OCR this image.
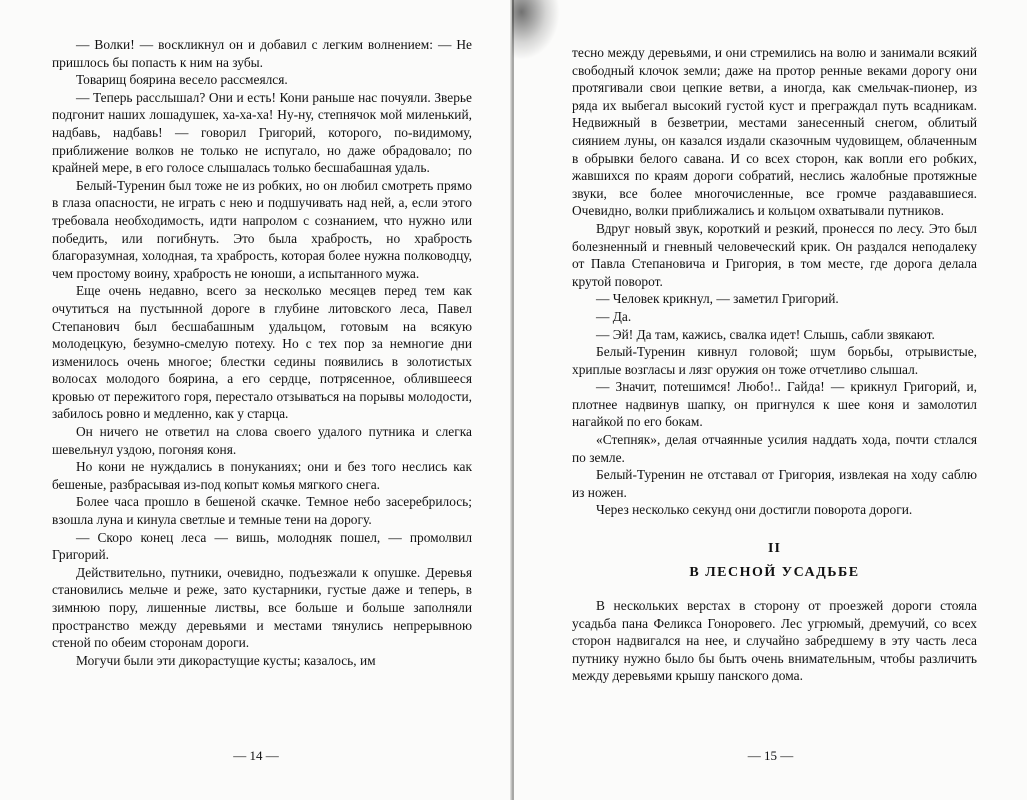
— Волки! — воскликнул он и добавил с легким волнением: — Не пришлось бы попасть к ним на зубы.

Товарищ боярина весело рассмеялся.

— Теперь расслышал? Они и есть! Кони раньше нас почуяли. Зверье подгонит наших лошадушек, ха-ха-ха! Ну-ну, степнячок мой миленький, надбавь, надбавь! — говорил Григорий, которого, по-видимому, приближение волков не только не испугало, но даже обрадовало; по крайней мере, в его голосе слышалась только бесшабашная удаль.

Белый-Туренин был тоже не из робких, но он любил смотреть прямо в глаза опасности, не играть с нею и подшучивать над ней, а, если этого требовала необходимость, идти напролом с сознанием, что нужно или победить, или погибнуть. Это была храбрость, но храбрость благоразумная, холодная, та храбрость, которая более нужна полководцу, чем простому воину, храбрость не юноши, а испытанного мужа.

Еще очень недавно, всего за несколько месяцев перед тем как очутиться на пустынной дороге в глубине литовского леса, Павел Степанович был бесшабашным удальцом, готовым на всякую молодецкую, безумно-смелую потеху. Но с тех пор за немногие дни изменилось очень многое; блестки седины появились в золотистых волосах молодого боярина, а его сердце, потрясенное, облившееся кровью от пережитого горя, перестало отзываться на порывы молодости, забилось ровно и медленно, как у старца.

Он ничего не ответил на слова своего удалого путника и слегка шевельнул уздою, погоняя коня.

Но кони не нуждались в понуканиях; они и без того неслись как бешеные, разбрасывая из-под копыт комья мягкого снега.

Более часа прошло в бешеной скачке. Темное небо засеребрилось; взошла луна и кинула светлые и темные тени на дорогу.

— Скоро конец леса — вишь, молодняк пошел, — промолвил Григорий.

Действительно, путники, очевидно, подъезжали к опушке. Деревья становились мельче и реже, зато кустарники, густые даже и теперь, в зимнюю пору, лишенные листвы, все больше и больше заполняли пространство между деревьями и местами тянулись непрерывною стеной по обеим сторонам дороги.

Могучи были эти дикорастущие кусты; казалось, им

— 14 —

тесно между деревьями, и они стремились на волю и занимали всякий свободный клочок земли; даже на протоp ренные веками дорогу они протягивали свои цепкие ветви, а иногда, как смельчак-пионер, из ряда их выбегал высокий густой куст и преграждал путь всадникам. Недвижный в безветрии, местами занесенный снегом, облитый сиянием луны, он казался издали сказочным чудовищем, облаченным в обрывки белого савана. И со всех сторон, как вопли его робких, жавшихся по краям дороги собратий, неслись жалобные протяжные звуки, все более многочисленные, все громче раздававшиеся. Очевидно, волки приближались и кольцом охватывали путников.

Вдруг новый звук, короткий и резкий, пронесся по лесу. Это был болезненный и гневный человеческий крик. Он раздался неподалеку от Павла Степановича и Григория, в том месте, где дорога делала крутой поворот.

— Человек крикнул, — заметил Григорий.

— Да.

— Эй! Да там, кажись, свалка идет! Слышь, сабли звякают.

Белый-Туренин кивнул головой; шум борьбы, отрывистые, хриплые возгласы и лязг оружия он тоже отчетливо слышал.

— Значит, потешимся! Любо!.. Гайда! — крикнул Григорий, и, плотнее надвинув шапку, он пригнулся к шее коня и замолотил нагайкой по его бокам.

«Степняк», делая отчаянные усилия наддать хода, почти стлался по земле.

Белый-Туренин не отставал от Григория, извлекая на ходу саблю из ножен.

Через несколько секунд они достигли поворота дороги.

II
В ЛЕСНОЙ УСАДЬБЕ

В нескольких верстах в сторону от проезжей дороги стояла усадьба пана Феликса Гоноровего. Лес угрюмый, дремучий, со всех сторон надвигался на нее, и случайно забредшему в эту часть леса путнику нужно было бы быть очень внимательным, чтобы различить между деревьями крышу панского дома.

— 15 —
